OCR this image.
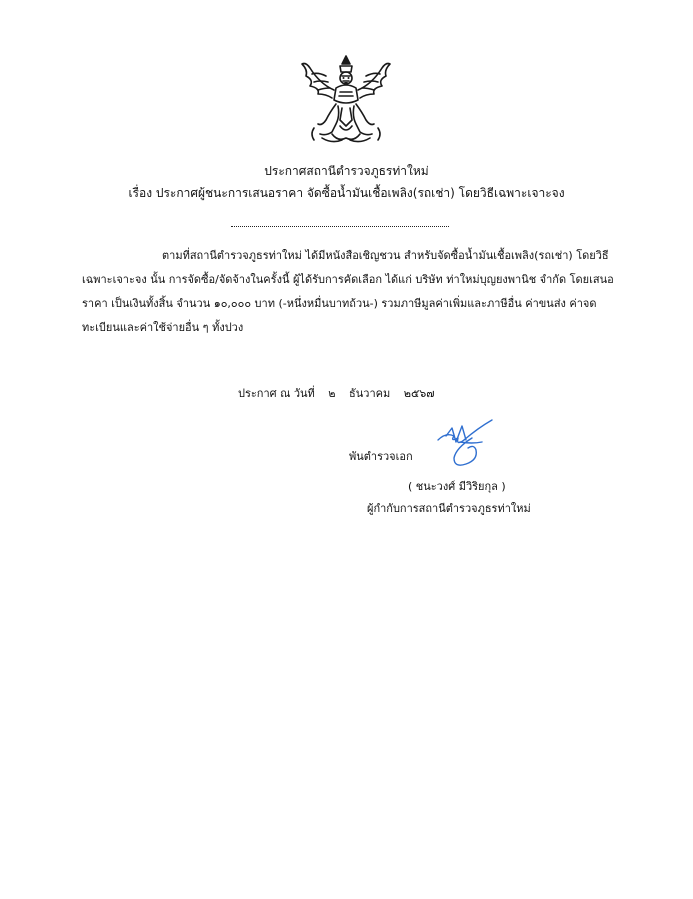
ประกาศสถานีตำรวจภูธรท่าใหม่
เรื่อง ประกาศผู้ชนะการเสนอราคา จัดซื้อน้ำมันเชื้อเพลิง(รถเช่า) โดยวิธีเฉพาะเจาะจง
ตามที่สถานีตำรวจภูธรท่าใหม่ ได้มีหนังสือเชิญชวน สำหรับจัดซื้อน้ำมันเชื้อเพลิง(รถเช่า) โดยวิธี
เฉพาะเจาะจง นั้น การจัดซื้อ/จัดจ้างในครั้งนี้ ผู้ได้รับการคัดเลือก ได้แก่ บริษัท ท่าใหม่บุญยงพานิช จำกัด โดยเสนอ
ราคา เป็นเงินทั้งสิ้น จำนวน ๑๐,๐๐๐ บาท (-หนึ่งหมื่นบาทถ้วน-) รวมภาษีมูลค่าเพิ่มและภาษีอื่น ค่าขนส่ง ค่าจด
ทะเบียนและค่าใช้จ่ายอื่น ๆ ทั้งปวง
ประกาศ ณ วันที่ ๒ ธันวาคม ๒๕๖๗
พันตำรวจเอก
( ชนะวงศ์ มีวิริยกุล )
ผู้กำกับการสถานีตำรวจภูธรท่าใหม่
